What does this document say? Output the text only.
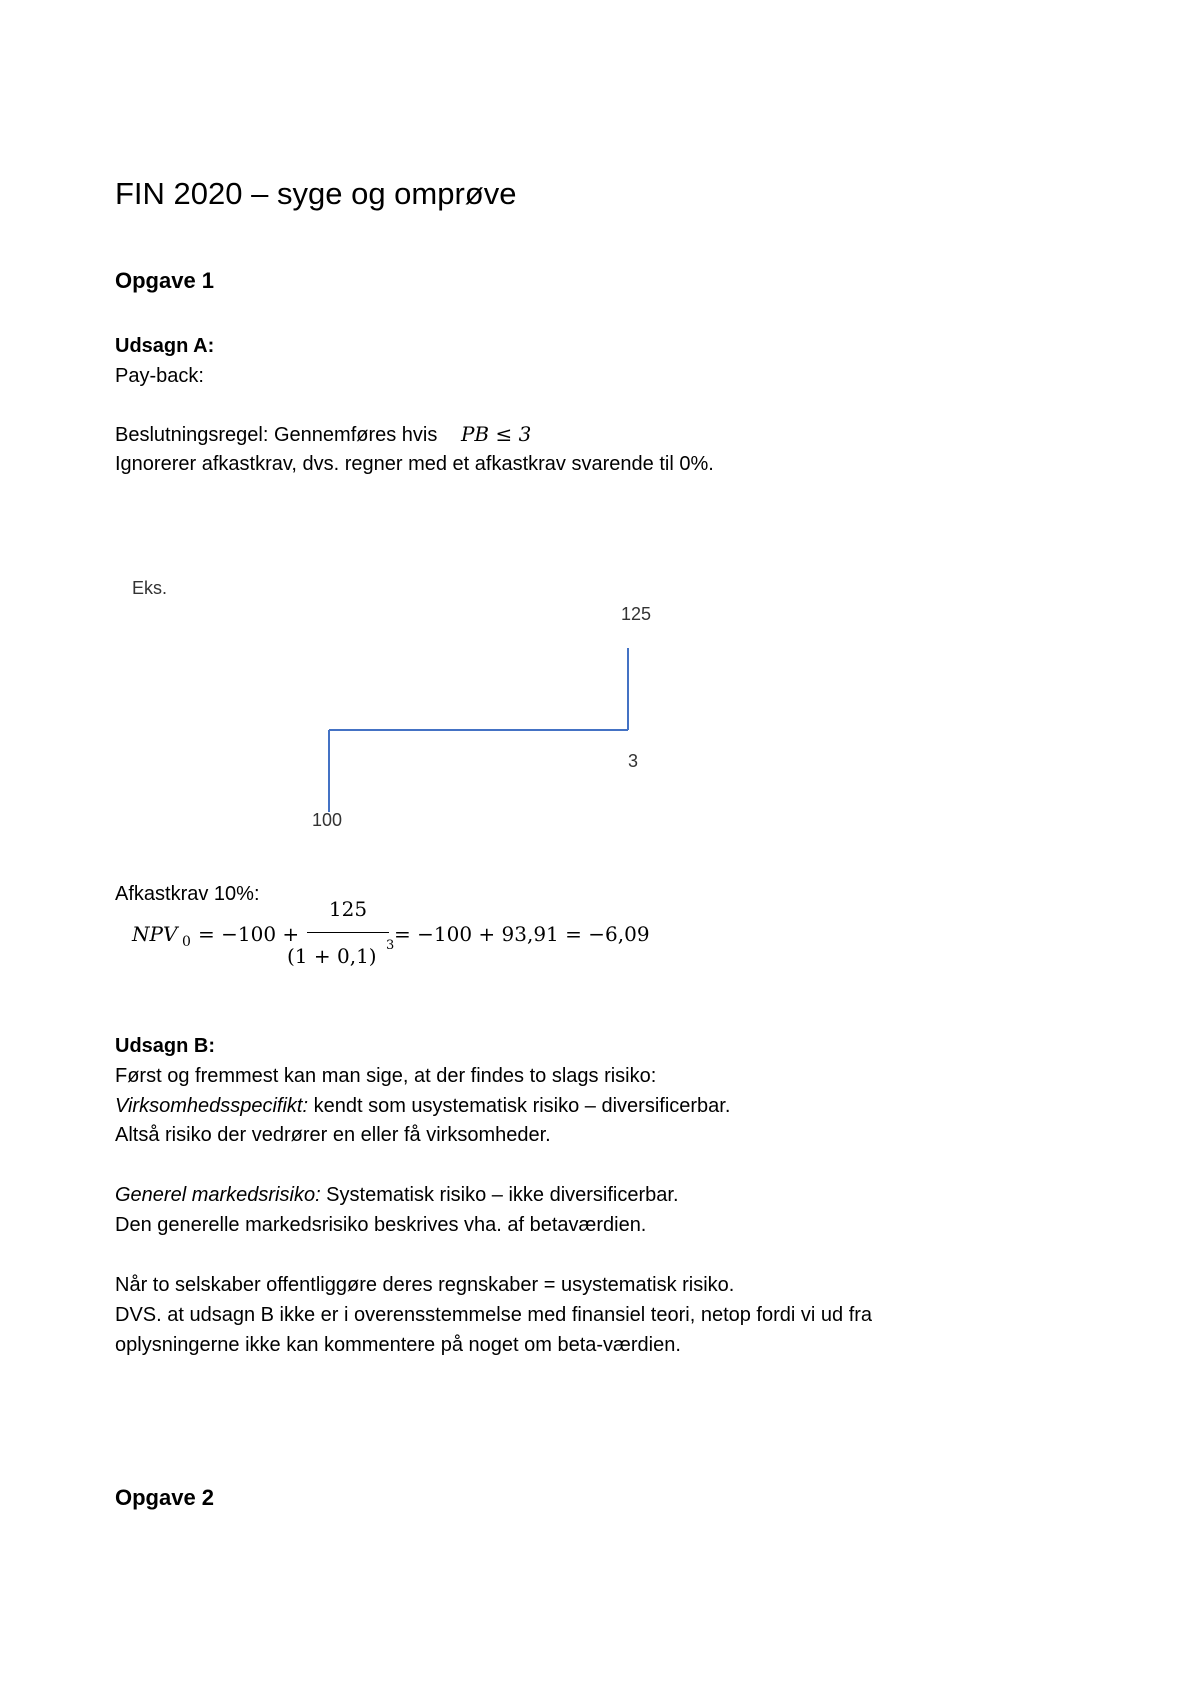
FIN 2020 – syge og omprøve
Opgave 1
Udsagn A:
Pay-back:
Beslutningsregel: Gennemføres hvis PB ≤ 3
Ignorerer afkastkrav, dvs. regner med et afkastkrav svarende til 0%.
Eks.
125
3
100
Afkastkrav 10%:
NPV 0 = −100 +
125
(1 + 0,1) 3 = −100 + 93,91 = −6,09
Udsagn B:
Først og fremmest kan man sige, at der findes to slags risiko:
Virksomhedsspecifikt: kendt som usystematisk risiko – diversificerbar.
Altså risiko der vedrører en eller få virksomheder.
Generel markedsrisiko: Systematisk risiko – ikke diversificerbar.
Den generelle markedsrisiko beskrives vha. af betaværdien.
Når to selskaber offentliggøre deres regnskaber = usystematisk risiko.
DVS. at udsagn B ikke er i overensstemmelse med finansiel teori, netop fordi vi ud fra
oplysningerne ikke kan kommentere på noget om beta-værdien.
Opgave 2
